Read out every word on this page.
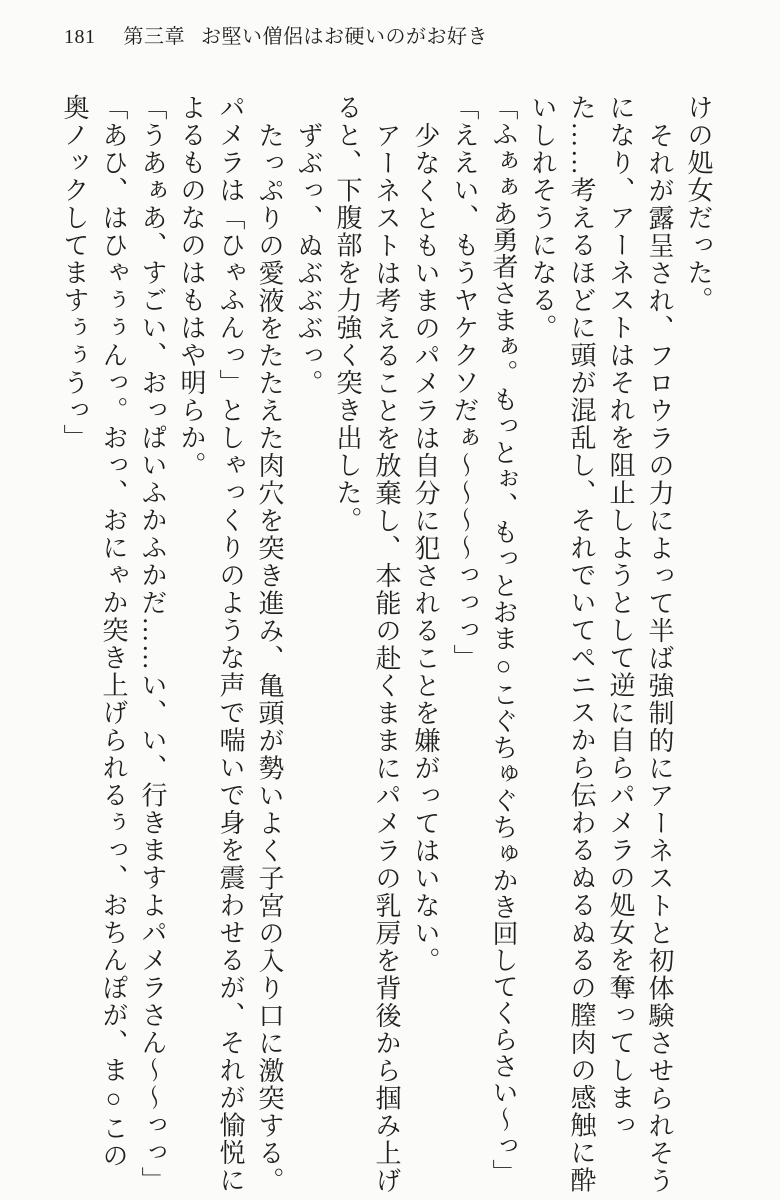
181 第三章 お堅い僧侶はお硬いのがお好き

けの処女だった。

それが露呈され、フロウラの力によって半ば強制的にアーネストと初体験させられそうになり、アーネストはそれを阻止しようとして逆に自らパメラの処女を奪ってしまった……考えるほどに頭が混乱し、それでいてペニスから伝わるぬるぬるの膣肉の感触に酔いしれそうになる。

「ふぁぁあ勇者さまぁ。もっとぉ、もっとおま○こぐちゅぐちゅかき回してくらさい〜っ」

「ええい、もうヤケクソだぁ〜〜〜〜っっっ」

少なくともいまのパメラは自分に犯されることを嫌がってはいない。

アーネストは考えることを放棄し、本能の赴くままにパメラの乳房を背後から掴み上げると、下腹部を力強く突き出した。

ずぶっ、ぬぶぶぶっ。

たっぷりの愛液をたたえた肉穴を突き進み、亀頭が勢いよく子宮の入り口に激突する。

パメラは「ひゃふんっ」としゃっくりのような声で喘いで身を震わせるが、それが愉悦によるものなのはもはや明らか。

「うあぁあ、すごい、おっぱいふかふかだ……い、い、行きますよパメラさん〜〜っっ」

「あひ、はひゃぅぅんっ。おっ、おにゃか突き上げられるぅっ、おちんぽが、ま○この奥ノックしてますぅぅうっ」
